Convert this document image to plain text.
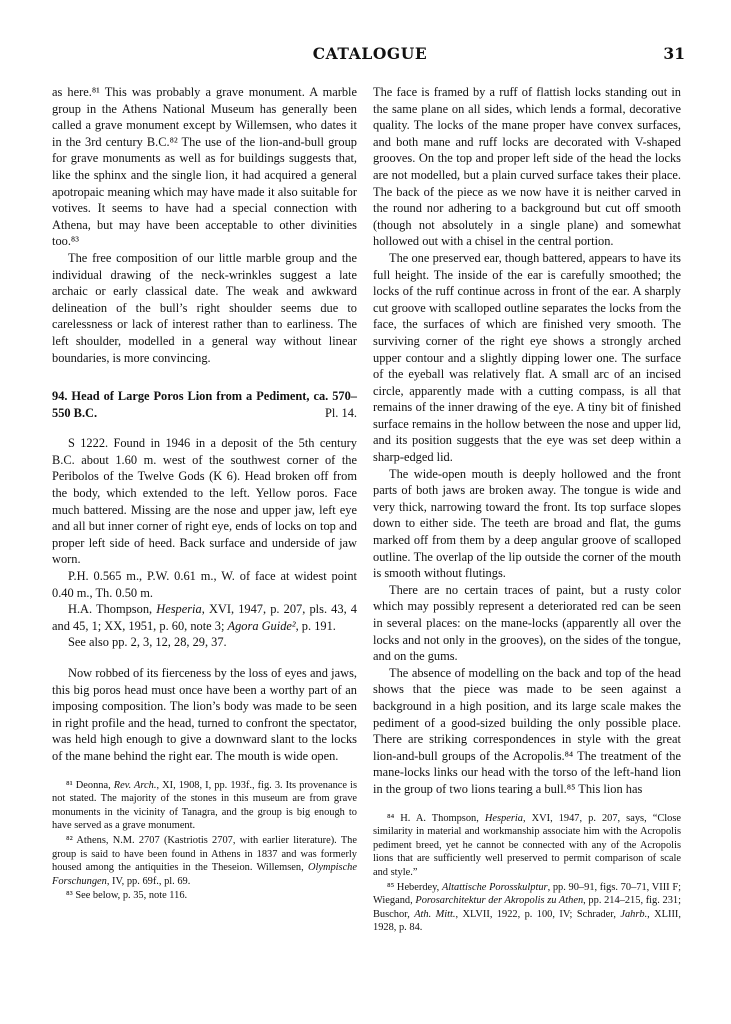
CATALOGUE	31

as here.⁸¹ This was probably a grave monument. A marble group in the Athens National Museum has generally been called a grave monument except by Willemsen, who dates it in the 3rd century B.C.⁸² The use of the lion-and-bull group for grave monuments as well as for buildings suggests that, like the sphinx and the single lion, it had acquired a general apotropaic meaning which may have made it also suitable for votives. It seems to have had a special connection with Athena, but may have been acceptable to other divinities too.⁸³

The free composition of our little marble group and the individual drawing of the neck-wrinkles suggest a late archaic or early classical date. The weak and awkward delineation of the bull’s right shoulder seems due to carelessness or lack of interest rather than to earliness. The left shoulder, modelled in a general way without linear boundaries, is more convincing.

94. Head of Large Poros Lion from a Pediment, ca. 570–550 B.C.	Pl. 14.

S 1222. Found in 1946 in a deposit of the 5th century B.C. about 1.60 m. west of the southwest corner of the Peribolos of the Twelve Gods (K 6). Head broken off from the body, which extended to the left. Yellow poros. Face much battered. Missing are the nose and upper jaw, left eye and all but inner corner of right eye, ends of locks on top and proper left side of heed. Back surface and underside of jaw worn.

P.H. 0.565 m., P.W. 0.61 m., W. of face at widest point 0.40 m., Th. 0.50 m.

H.A. Thompson, Hesperia, XVI, 1947, p. 207, pls. 43, 4 and 45, 1; XX, 1951, p. 60, note 3; Agora Guide², p. 191.

See also pp. 2, 3, 12, 28, 29, 37.

Now robbed of its fierceness by the loss of eyes and jaws, this big poros head must once have been a worthy part of an imposing composition. The lion’s body was made to be seen in right profile and the head, turned to confront the spectator, was held high enough to give a downward slant to the locks of the mane behind the right ear. The mouth is wide open.

⁸¹ Deonna, Rev. Arch., XI, 1908, I, pp. 193f., fig. 3. Its provenance is not stated. The majority of the stones in this museum are from grave monuments in the vicinity of Tanagra, and the group is big enough to have served as a grave monument.

⁸² Athens, N.M. 2707 (Kastriotis 2707, with earlier literature). The group is said to have been found in Athens in 1837 and was formerly housed among the antiquities in the Theseion. Willemsen, Olympische Forschungen, IV, pp. 69f., pl. 69.

⁸³ See below, p. 35, note 116.

The face is framed by a ruff of flattish locks standing out in the same plane on all sides, which lends a formal, decorative quality. The locks of the mane proper have convex surfaces, and both mane and ruff locks are decorated with V-shaped grooves. On the top and proper left side of the head the locks are not modelled, but a plain curved surface takes their place. The back of the piece as we now have it is neither carved in the round nor adhering to a background but cut off smooth (though not absolutely in a single plane) and somewhat hollowed out with a chisel in the central portion.

The one preserved ear, though battered, appears to have its full height. The inside of the ear is carefully smoothed; the locks of the ruff continue across in front of the ear. A sharply cut groove with scalloped outline separates the locks from the face, the surfaces of which are finished very smooth. The surviving corner of the right eye shows a strongly arched upper contour and a slightly dipping lower one. The surface of the eyeball was relatively flat. A small arc of an incised circle, apparently made with a cutting compass, is all that remains of the inner drawing of the eye. A tiny bit of finished surface remains in the hollow between the nose and upper lid, and its position suggests that the eye was set deep within a sharp-edged lid.

The wide-open mouth is deeply hollowed and the front parts of both jaws are broken away. The tongue is wide and very thick, narrowing toward the front. Its top surface slopes down to either side. The teeth are broad and flat, the gums marked off from them by a deep angular groove of scalloped outline. The overlap of the lip outside the corner of the mouth is smooth without flutings.

There are no certain traces of paint, but a rusty color which may possibly represent a deteriorated red can be seen in several places: on the mane-locks (apparently all over the locks and not only in the grooves), on the sides of the tongue, and on the gums.

The absence of modelling on the back and top of the head shows that the piece was made to be seen against a background in a high position, and its large scale makes the pediment of a good-sized building the only possible place. There are striking correspondences in style with the great lion-and-bull groups of the Acropolis.⁸⁴ The treatment of the mane-locks links our head with the torso of the left-hand lion in the group of two lions tearing a bull.⁸⁵ This lion has

⁸⁴ H. A. Thompson, Hesperia, XVI, 1947, p. 207, says, “Close similarity in material and workmanship associate him with the Acropolis pediment breed, yet he cannot be connected with any of the Acropolis lions that are sufficiently well preserved to permit comparison of scale and style.”

⁸⁵ Heberdey, Altattische Porosskulptur, pp. 90–91, figs. 70–71, VIII F; Wiegand, Porosarchitektur der Akropolis zu Athen, pp. 214–215, fig. 231; Buschor, Ath. Mitt., XLVII, 1922, p. 100, IV; Schrader, Jahrb., XLIII, 1928, p. 84.
